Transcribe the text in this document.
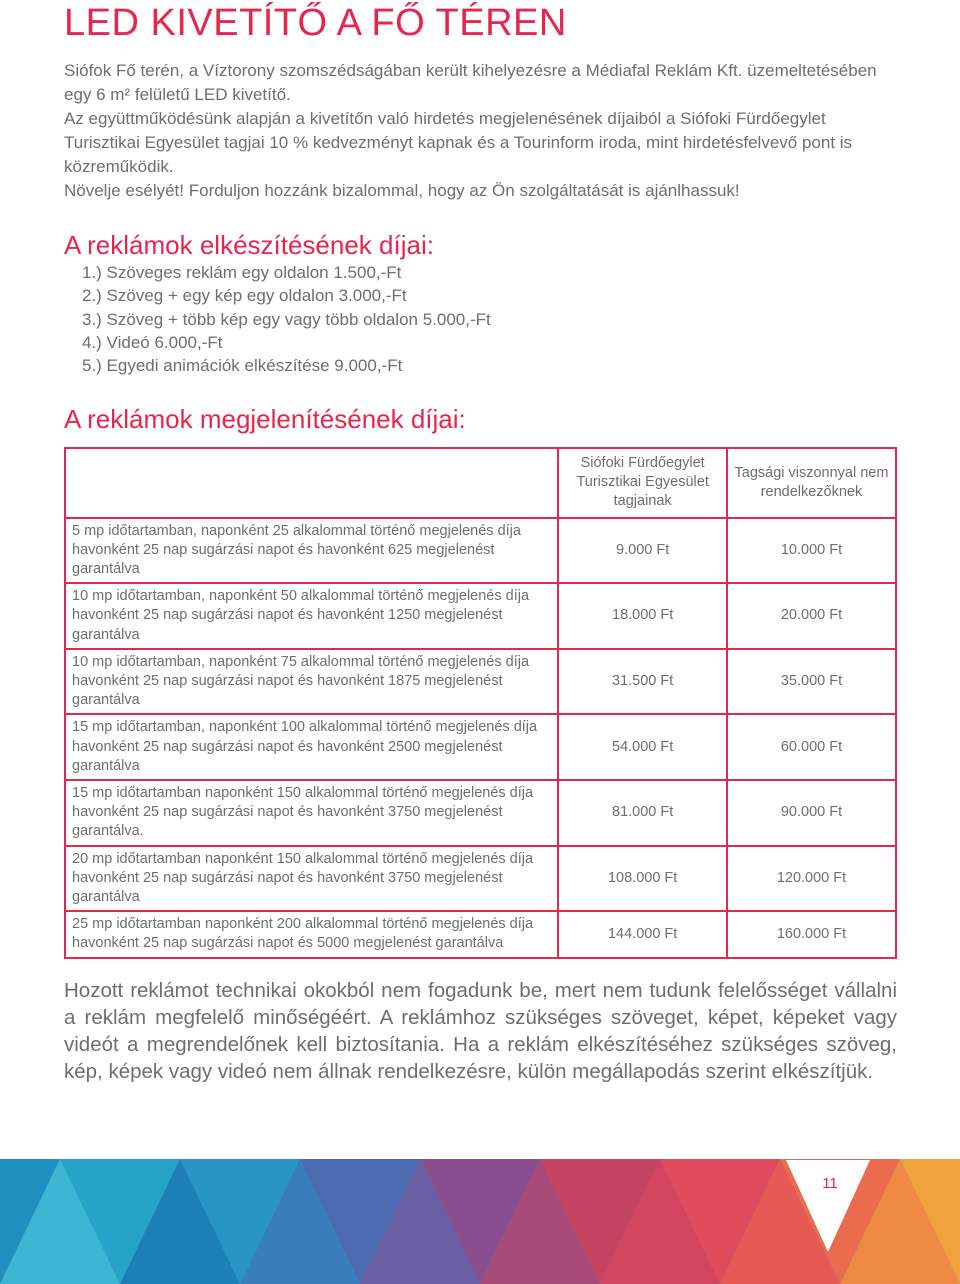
LED KIVETÍTŐ A FŐ TÉREN

Siófok Fő terén, a Víztorony szomszédságában került kihelyezésre a Médiafal Reklám Kft. üzemeltetésében egy 6 m² felületű LED kivetítő.

Az együttműködésünk alapján a kivetítőn való hirdetés megjelenésének díjaiból a Siófoki Fürdőegylet Turisztikai Egyesület tagjai 10 % kedvezményt kapnak és a Tourinform iroda, mint hirdetésfelvevő pont is közreműködik.

Növelje esélyét! Forduljon hozzánk bizalommal, hogy az Ön szolgáltatását is ajánlhassuk!

A reklámok elkészítésének díjai:
1.) Szöveges reklám egy oldalon 1.500,-Ft
2.) Szöveg + egy kép egy oldalon 3.000,-Ft
3.) Szöveg + több kép egy vagy több oldalon 5.000,-Ft
4.) Videó 6.000,-Ft
5.) Egyedi animációk elkészítése 9.000,-Ft
A reklámok megjelenítésének díjai:
	Siófoki Fürdőegylet Turisztikai Egyesület tagjainak	Tagsági viszonnyal nem rendelkezőknek
5 mp időtartamban, naponként 25 alkalommal történő megjelenés díja havonként 25 nap sugárzási napot és havonként 625 megjelenést garantálva	9.000 Ft	10.000 Ft
10 mp időtartamban, naponként 50 alkalommal történő megjelenés díja havonként 25 nap sugárzási napot és havonként 1250 megjelenést garantálva	18.000 Ft	20.000 Ft
10 mp időtartamban, naponként 75 alkalommal történő megjelenés díja havonként 25 nap sugárzási napot és havonként 1875 megjelenést garantálva	31.500 Ft	35.000 Ft
15 mp időtartamban, naponként 100 alkalommal történő megjelenés díja havonként 25 nap sugárzási napot és havonként 2500 megjelenést garantálva	54.000 Ft	60.000 Ft
15 mp időtartamban naponként 150 alkalommal történő megjelenés díja havonként 25 nap sugárzási napot és havonként 3750 megjelenést garantálva.	81.000 Ft	90.000 Ft
20 mp időtartamban naponként 150 alkalommal történő megjelenés díja havonként 25 nap sugárzási napot és havonként 3750 megjelenést garantálva	108.000 Ft	120.000 Ft
25 mp időtartamban naponként 200 alkalommal történő megjelenés díja havonként 25 nap sugárzási napot és 5000 megjelenést garantálva	144.000 Ft	160.000 Ft

Hozott reklámot technikai okokból nem fogadunk be, mert nem tudunk felelősséget vállalni a reklám megfelelő minőségéért. A reklámhoz szükséges szöveget, képet, képeket vagy videót a megrendelőnek kell biztosítania. Ha a reklám elkészítéséhez szükséges szöveg, kép, képek vagy videó nem állnak rendelkezésre, külön megállapodás szerint elkészítjük.

11
